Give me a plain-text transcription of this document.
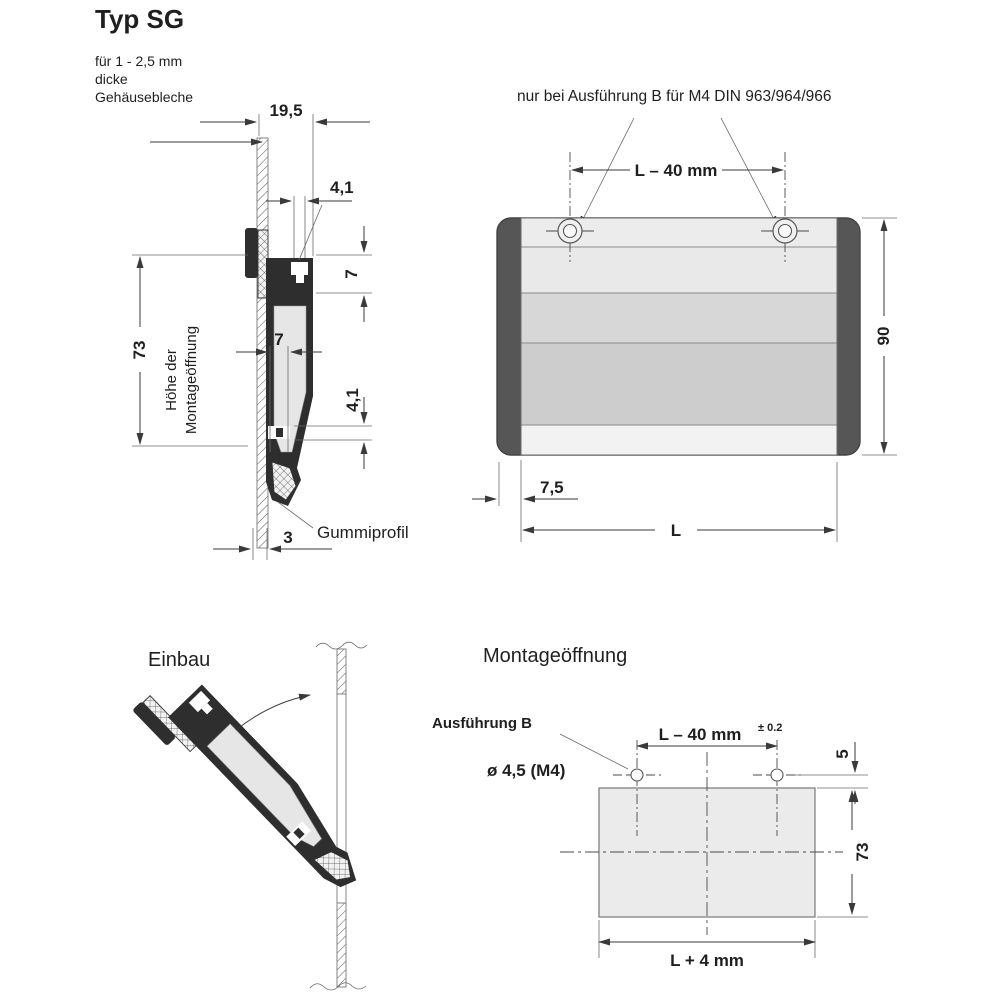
Typ SG
für 1 - 2,5 mm
dicke
Gehäusebleche
19,5
4,1
7
73 Höhe der Montageöffnung	7
4,1
3 Gummiprofil
nur bei Ausführung B für M4 DIN 963/964/966
L – 40 mm
90
7,5
L
Einbau	Montageöffnung
Ausführung B
ø 4,5 (M4)
L – 40 mm ± 0.2
5
73
L + 4 mm
